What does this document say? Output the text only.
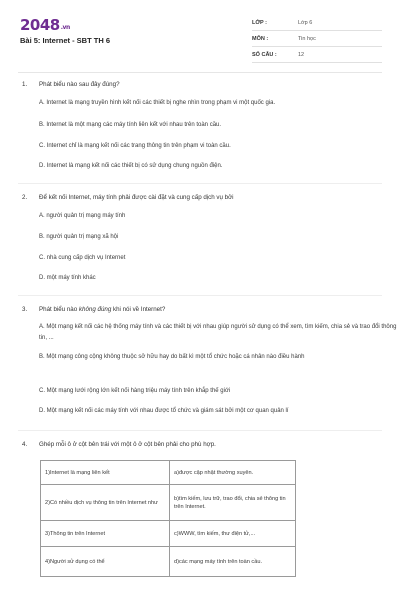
2048.vn
Bài 5: Internet - SBT TH 6
LỚP :	Lớp 6
MÔN :	Tin học
SỐ CÂU :	12
1. Phát biểu nào sau đây đúng?
A. Internet là mạng truyền hình kết nối các thiết bị nghe nhìn trong phạm vi một quốc gia.
B. Internet là một mạng các máy tính liên kết với nhau trên toàn cầu.
C. Internet chỉ là mạng kết nối các trang thông tin trên phạm vi toàn cầu.
D. Internet là mạng kết nối các thiết bị có sử dụng chung nguồn điện.
2. Để kết nối Internet, máy tính phải được cài đặt và cung cấp dịch vụ bởi
A. người quản trị mạng máy tính
B. người quản trị mạng xã hội
C. nhà cung cấp dịch vụ Internet
D. một máy tính khác
3. Phát biểu nào không đúng khi nói về Internet?
A. Một mạng kết nối các hệ thống máy tính và các thiết bị với nhau giúp người sử dụng có thể xem, tìm kiếm, chia sẻ và trao đổi thông tin, ...
B. Một mạng công cộng không thuộc sở hữu hay do bất kì một tổ chức hoặc cá nhân nào điều hành
C. Một mạng lưới rộng lớn kết nối hàng triệu máy tính trên khắp thế giới
D. Một mạng kết nối các máy tính với nhau được tổ chức và giám sát bởi một cơ quan quản lí
4. Ghép mỗi ô ở cột bên trái với một ô ở cột bên phải cho phù hợp.
1)Internet là mạng liên kết	a)được cập nhật thường xuyên.
2)Có nhiều dịch vụ thông tin trên Internet như	b)tìm kiếm, lưu trữ, trao đổi, chia sẻ thông tin trên Internet.
3)Thông tin trên Internet	c)WWW, tìm kiếm, thư điện tử,...
4)Người sử dụng có thể	d)các mạng máy tính trên toàn cầu.
